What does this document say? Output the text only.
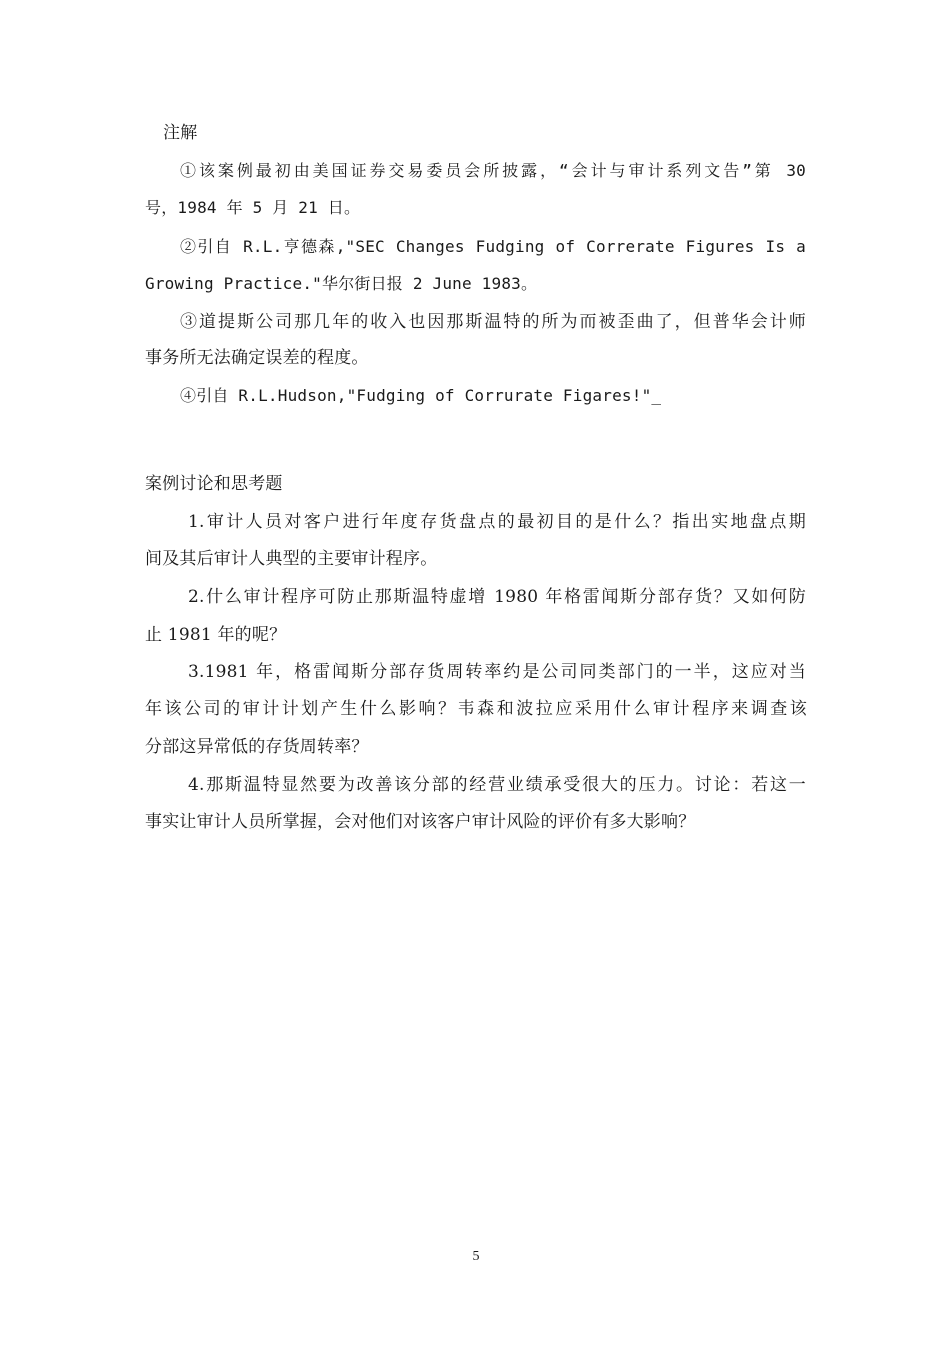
注解
①该案例最初由美国证券交易委员会所披露，“会计与审计系列文告”第 30
号，1984 年 5 月 21 日。
②引自 R.L.亨德森,"SEC Changes Fudging of Correrate Figures Is a
Growing Practice."华尔街日报 2 June 1983。
③道提斯公司那几年的收入也因那斯温特的所为而被歪曲了，但普华会计师
事务所无法确定误差的程度。
④引自 R.L.Hudson,"Fudging of Corrurate Figares!"_
案例讨论和思考题
1.审计人员对客户进行年度存货盘点的最初目的是什么？指出实地盘点期
间及其后审计人典型的主要审计程序。
2.什么审计程序可防止那斯温特虚增 1980 年格雷闻斯分部存货？又如何防
止 1981 年的呢？
3.1981 年，格雷闻斯分部存货周转率约是公司同类部门的一半，这应对当
年该公司的审计计划产生什么影响？韦森和波拉应采用什么审计程序来调查该
分部这异常低的存货周转率？
4.那斯温特显然要为改善该分部的经营业绩承受很大的压力。讨论：若这一
事实让审计人员所掌握，会对他们对该客户审计风险的评价有多大影响？
5
